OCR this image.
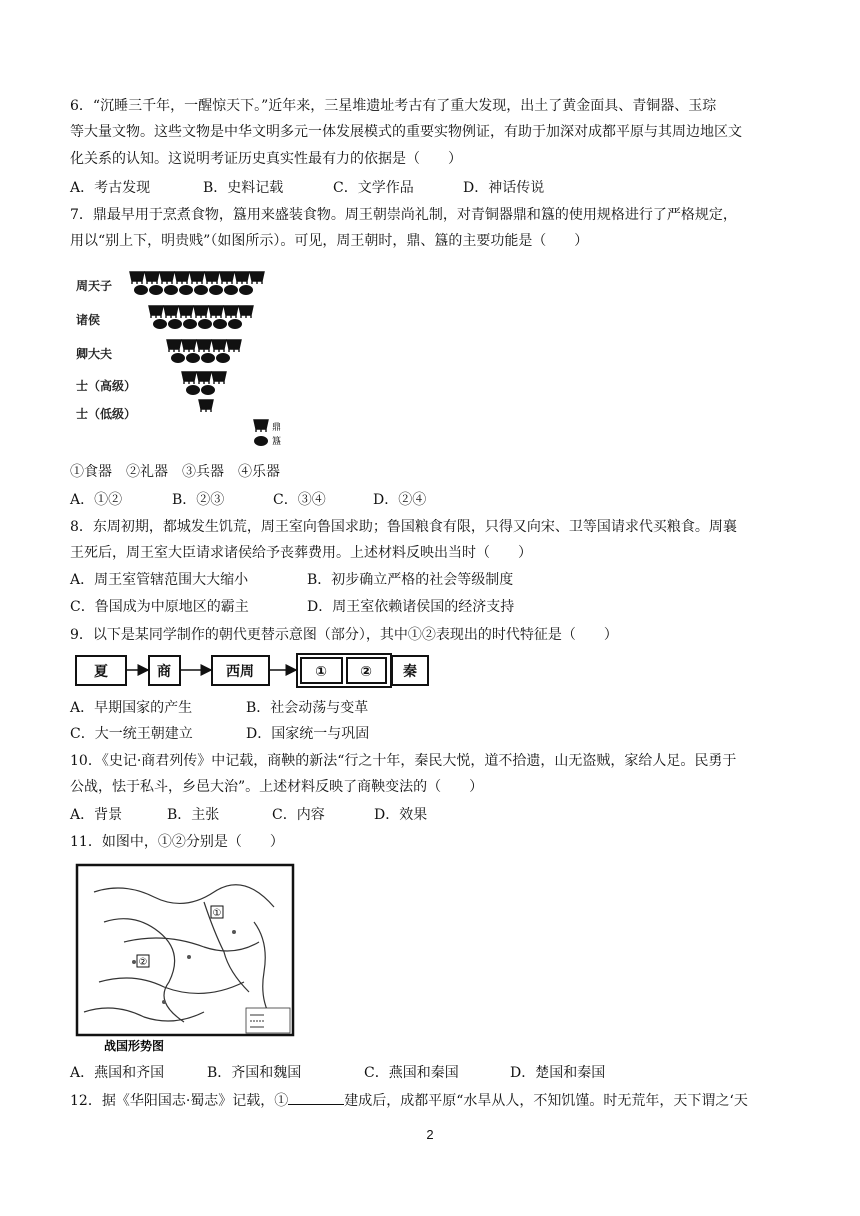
6．“沉睡三千年，一醒惊天下。”近年来，三星堆遗址考古有了重大发现，出土了黄金面具、青铜器、玉琮
等大量文物。这些文物是中华文明多元一体发展模式的重要实物例证，有助于加深对成都平原与其周边地区文
化关系的认知。这说明考证历史真实性最有力的依据是（　　）
A．考古发现	B．史料记载	C．文学作品	D．神话传说
7．鼎最早用于烹煮食物，簋用来盛装食物。周王朝崇尚礼制，对青铜器鼎和簋的使用规格进行了严格规定，
用以“别上下，明贵贱”（如图所示）。可见，周王朝时，鼎、簋的主要功能是（　　）
周天子
诸侯
卿大夫
士（高级）
士（低级）
鼎
簋
①食器　②礼器　③兵器　④乐器
A．①②	B．②③	C．③④	D．②④
8．东周初期，都城发生饥荒，周王室向鲁国求助；鲁国粮食有限，只得又向宋、卫等国请求代买粮食。周襄
王死后，周王室大臣请求诸侯给予丧葬费用。上述材料反映出当时（　　）
A．周王室管辖范围大大缩小	B．初步确立严格的社会等级制度
C．鲁国成为中原地区的霸主	D．周王室依赖诸侯国的经济支持
9．以下是某同学制作的朝代更替示意图（部分），其中①②表现出的时代特征是（　　）
夏	商	西周	① ② 秦
A．早期国家的产生	B．社会动荡与变革
C．大一统王朝建立	D．国家统一与巩固
10．《史记·商君列传》中记载，商鞅的新法“行之十年，秦民大悦，道不拾遗，山无盗贼，家给人足。民勇于
公战，怯于私斗，乡邑大治”。上述材料反映了商鞅变法的（　　）
A．背景	B．主张	C．内容	D．效果
11．如图中，①②分别是（　　）
①
②
战国形势图
A．燕国和齐国	B．齐国和魏国	C．燕国和秦国	D．楚国和秦国
12．据《华阳国志·蜀志》记载，①	建成后，成都平原“水旱从人，不知饥馑。时无荒年，天下谓之‘天
2
